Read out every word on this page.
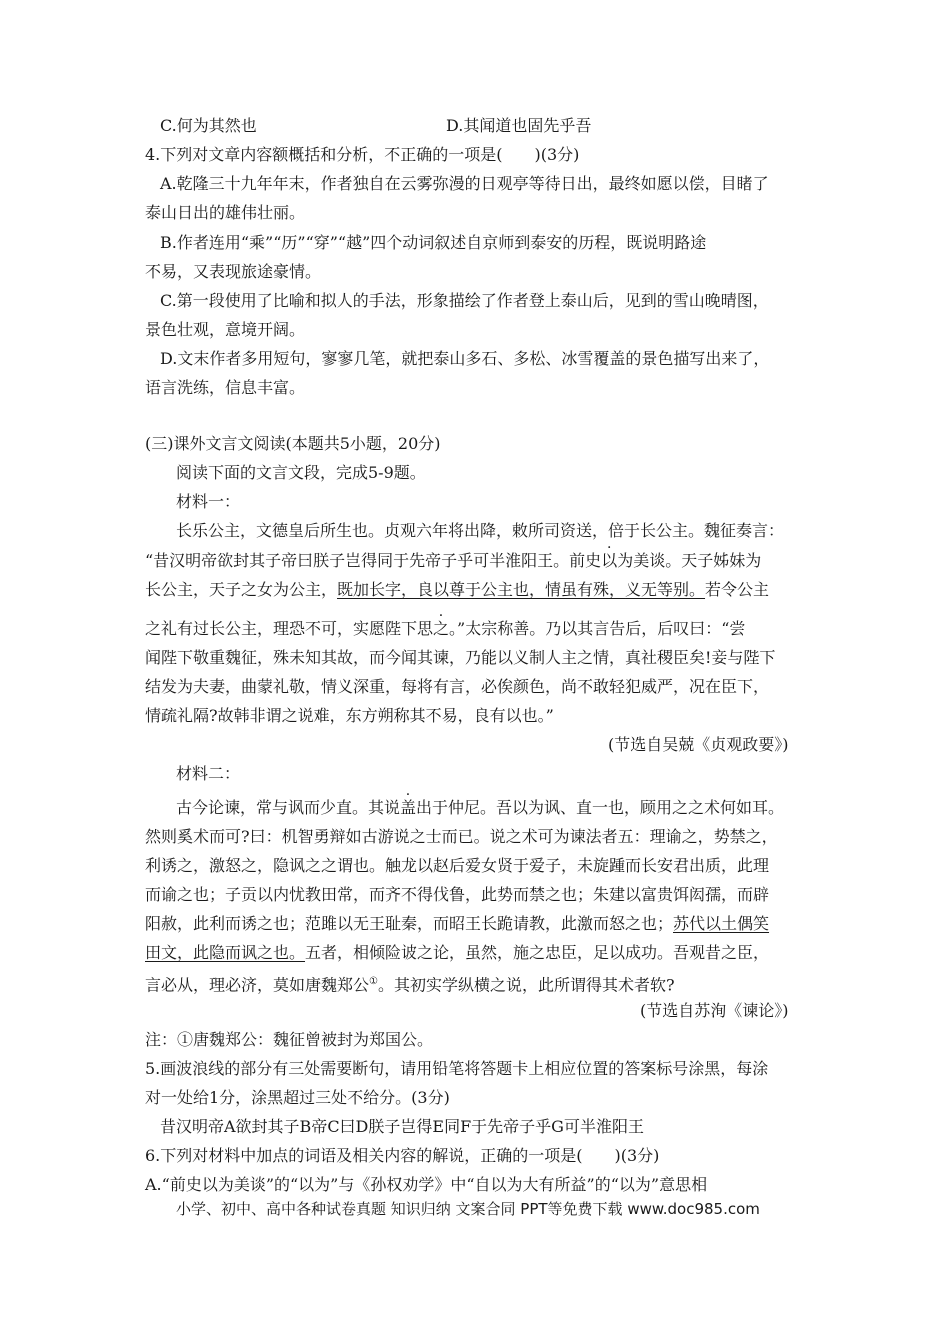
C.何为其然也	D.其闻道也固先乎吾
4.下列对文章内容额概括和分析，不正确的一项是(　　)(3分)
A.乾隆三十九年年末，作者独自在云雾弥漫的日观亭等待日出，最终如愿以偿，目睹了
泰山日出的雄伟壮丽。
B.作者连用“乘”“历”“穿”“越”四个动词叙述自京师到泰安的历程，既说明路途
不易，又表现旅途豪情。
C.第一段使用了比喻和拟人的手法，形象描绘了作者登上泰山后，见到的雪山晚晴图，
景色壮观，意境开阔。
D.文末作者多用短句，寥寥几笔，就把泰山多石、多松、冰雪覆盖的景色描写出来了，
语言洗练，信息丰富。
(三)课外文言文阅读(本题共5小题，20分)
阅读下面的文言文段，完成5-9题。
材料一：
长乐公主，文德皇后所生也。贞观六年将出降，敕所司资送，倍于长公主。魏征奏言：
“昔汉明帝欲封其子帝曰朕子岂得同于先帝子乎可半淮阳王。前史以为美谈。天子姊妹为
长公主，天子之女为公主，既加长字，良以尊于公主也，情虽有殊，义无等别。若令公主
之礼有过长公主，理恐不可，实愿陛下思之。”太宗称善。乃以其言告后，后叹曰：“尝
闻陛下敬重魏征，殊未知其故，而今闻其谏，乃能以义制人主之情，真社稷臣矣!妾与陛下
结发为夫妻，曲蒙礼敬，情义深重，每将有言，必俟颜色，尚不敢轻犯威严，况在臣下，
情疏礼隔?故韩非谓之说难，东方朔称其不易，良有以也。”
(节选自吴兢《贞观政要》)
材料二：
古今论谏，常与讽而少直。其说盖出于仲尼。吾以为讽、直一也，顾用之之术何如耳。
然则奚术而可?曰：机智勇辩如古游说之士而已。说之术可为谏法者五：理谕之，势禁之，
利诱之，激怒之，隐讽之之谓也。触龙以赵后爱女贤于爱子，未旋踵而长安君出质，此理
而谕之也；子贡以内忧教田常，而齐不得伐鲁，此势而禁之也；朱建以富贵饵闳孺，而辟
阳赦，此利而诱之也；范雎以无王耻秦，而昭王长跪请教，此激而怒之也；苏代以土偶笑
田文，此隐而讽之也。五者，相倾险诐之论，虽然，施之忠臣，足以成功。吾观昔之臣，
言必从，理必济，莫如唐魏郑公①。其初实学纵横之说，此所谓得其术者软?
(节选自苏洵《谏论》)
注：①唐魏郑公：魏征曾被封为郑国公。
5.画波浪线的部分有三处需要断句，请用铅笔将答题卡上相应位置的答案标号涂黑，每涂
对一处给1分，涂黑超过三处不给分。(3分)
昔汉明帝A欲封其子B帝C曰D朕子岂得E同F于先帝子乎G可半淮阳王
6.下列对材料中加点的词语及相关内容的解说，正确的一项是(　　)(3分)
A.“前史以为美谈”的“以为”与《孙权劝学》中“自以为大有所益”的“以为”意思相
小学、初中、高中各种试卷真题 知识归纳 文案合同 PPT等免费下载 www.doc985.com
